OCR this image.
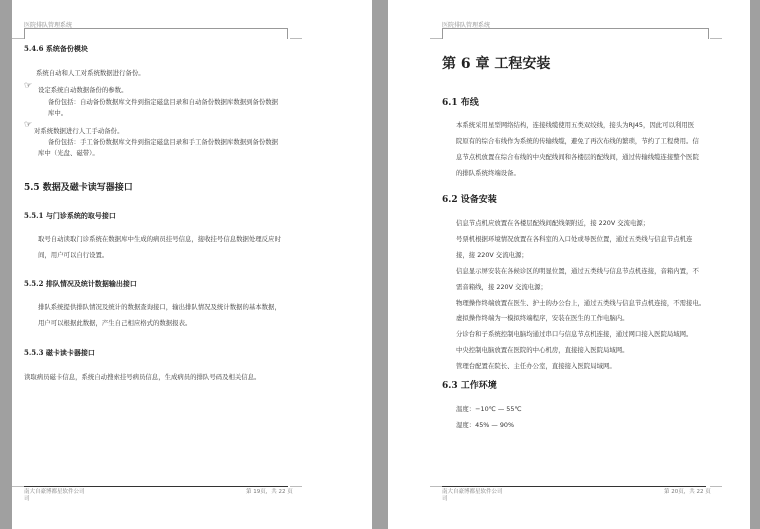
医院排队管理系统
5.4.6 系统备份模块
系统自动和人工对系统数据进行备份。
☞ 设定系统自动数据备份的参数。
备份包括：自动备份数据库文件到指定磁盘目录和自动备份数据库数据到备份数据
库中。
☞
对系统数据进行人工手动备份。
备份包括：手工备份数据库文件到指定磁盘目录和手工备份数据库数据到备份数据
库中（光盘、磁带）。
5.5 数据及磁卡读写器接口
5.5.1 与门诊系统的取号接口
取号自动读取门诊系统在数据库中生成的病员挂号信息，接收挂号信息数据处理反应时
间，用户可以自行设置。
5.5.2 排队情况及统计数据输出接口
排队系统提供排队情况及统计的数据查询接口，输出排队情况及统计数据的基本数据，
用户可以根据此数据，产生自己相应格式的数据报表。
5.5.3 磁卡读卡器接口
读取病员磁卡信息，系统自动搜索挂号病员信息，生成病员的排队号码及相关信息。
南大自豪博都星软件公司
司
第 19页，共 22 页
医院排队管理系统
第 6 章 工程安装
6.1 布线
本系统采用星型网络结构，连接线缆使用五类双绞线，接头为RJ45，因此可以利用医
院原有的综合布线作为系统的传输线缆，避免了再次布线的繁琐，节约了工程费用。信
息节点机放置在综合布线的中央配线间和各楼层的配线间，通过传输线缆连接整个医院
的排队系统终端设备。
6.2 设备安装
信息节点机应放置在各楼层配线间配线架附近，接 220V 交流电源；
号票机根据环境情况放置在各科室的入口处或导医位置，通过五类线与信息节点机连
接，接 220V 交流电源；
信息显示屏安装在各候诊区的明显位置，通过五类线与信息节点机连接，音箱内置，不
需音箱线，接 220V 交流电源；
物理操作终端放置在医生、护士的办公台上，通过五类线与信息节点机连接，不需接电。
虚拟操作终端为一模拟终端程序，安装在医生的工作电脑内。
分诊台和子系统控制电脑均通过串口与信息节点机连接，通过网口接入医院局域网。
中央控制电脑放置在医院的中心机房，直接接入医院局域网。
管理台配置在院长、主任办公室，直接接入医院局域网。
6.3 工作环境
温度：−10℃ — 55℃
湿度：45% — 90%
南大自豪博都星软件公司
司
第 20页，共 22 页
